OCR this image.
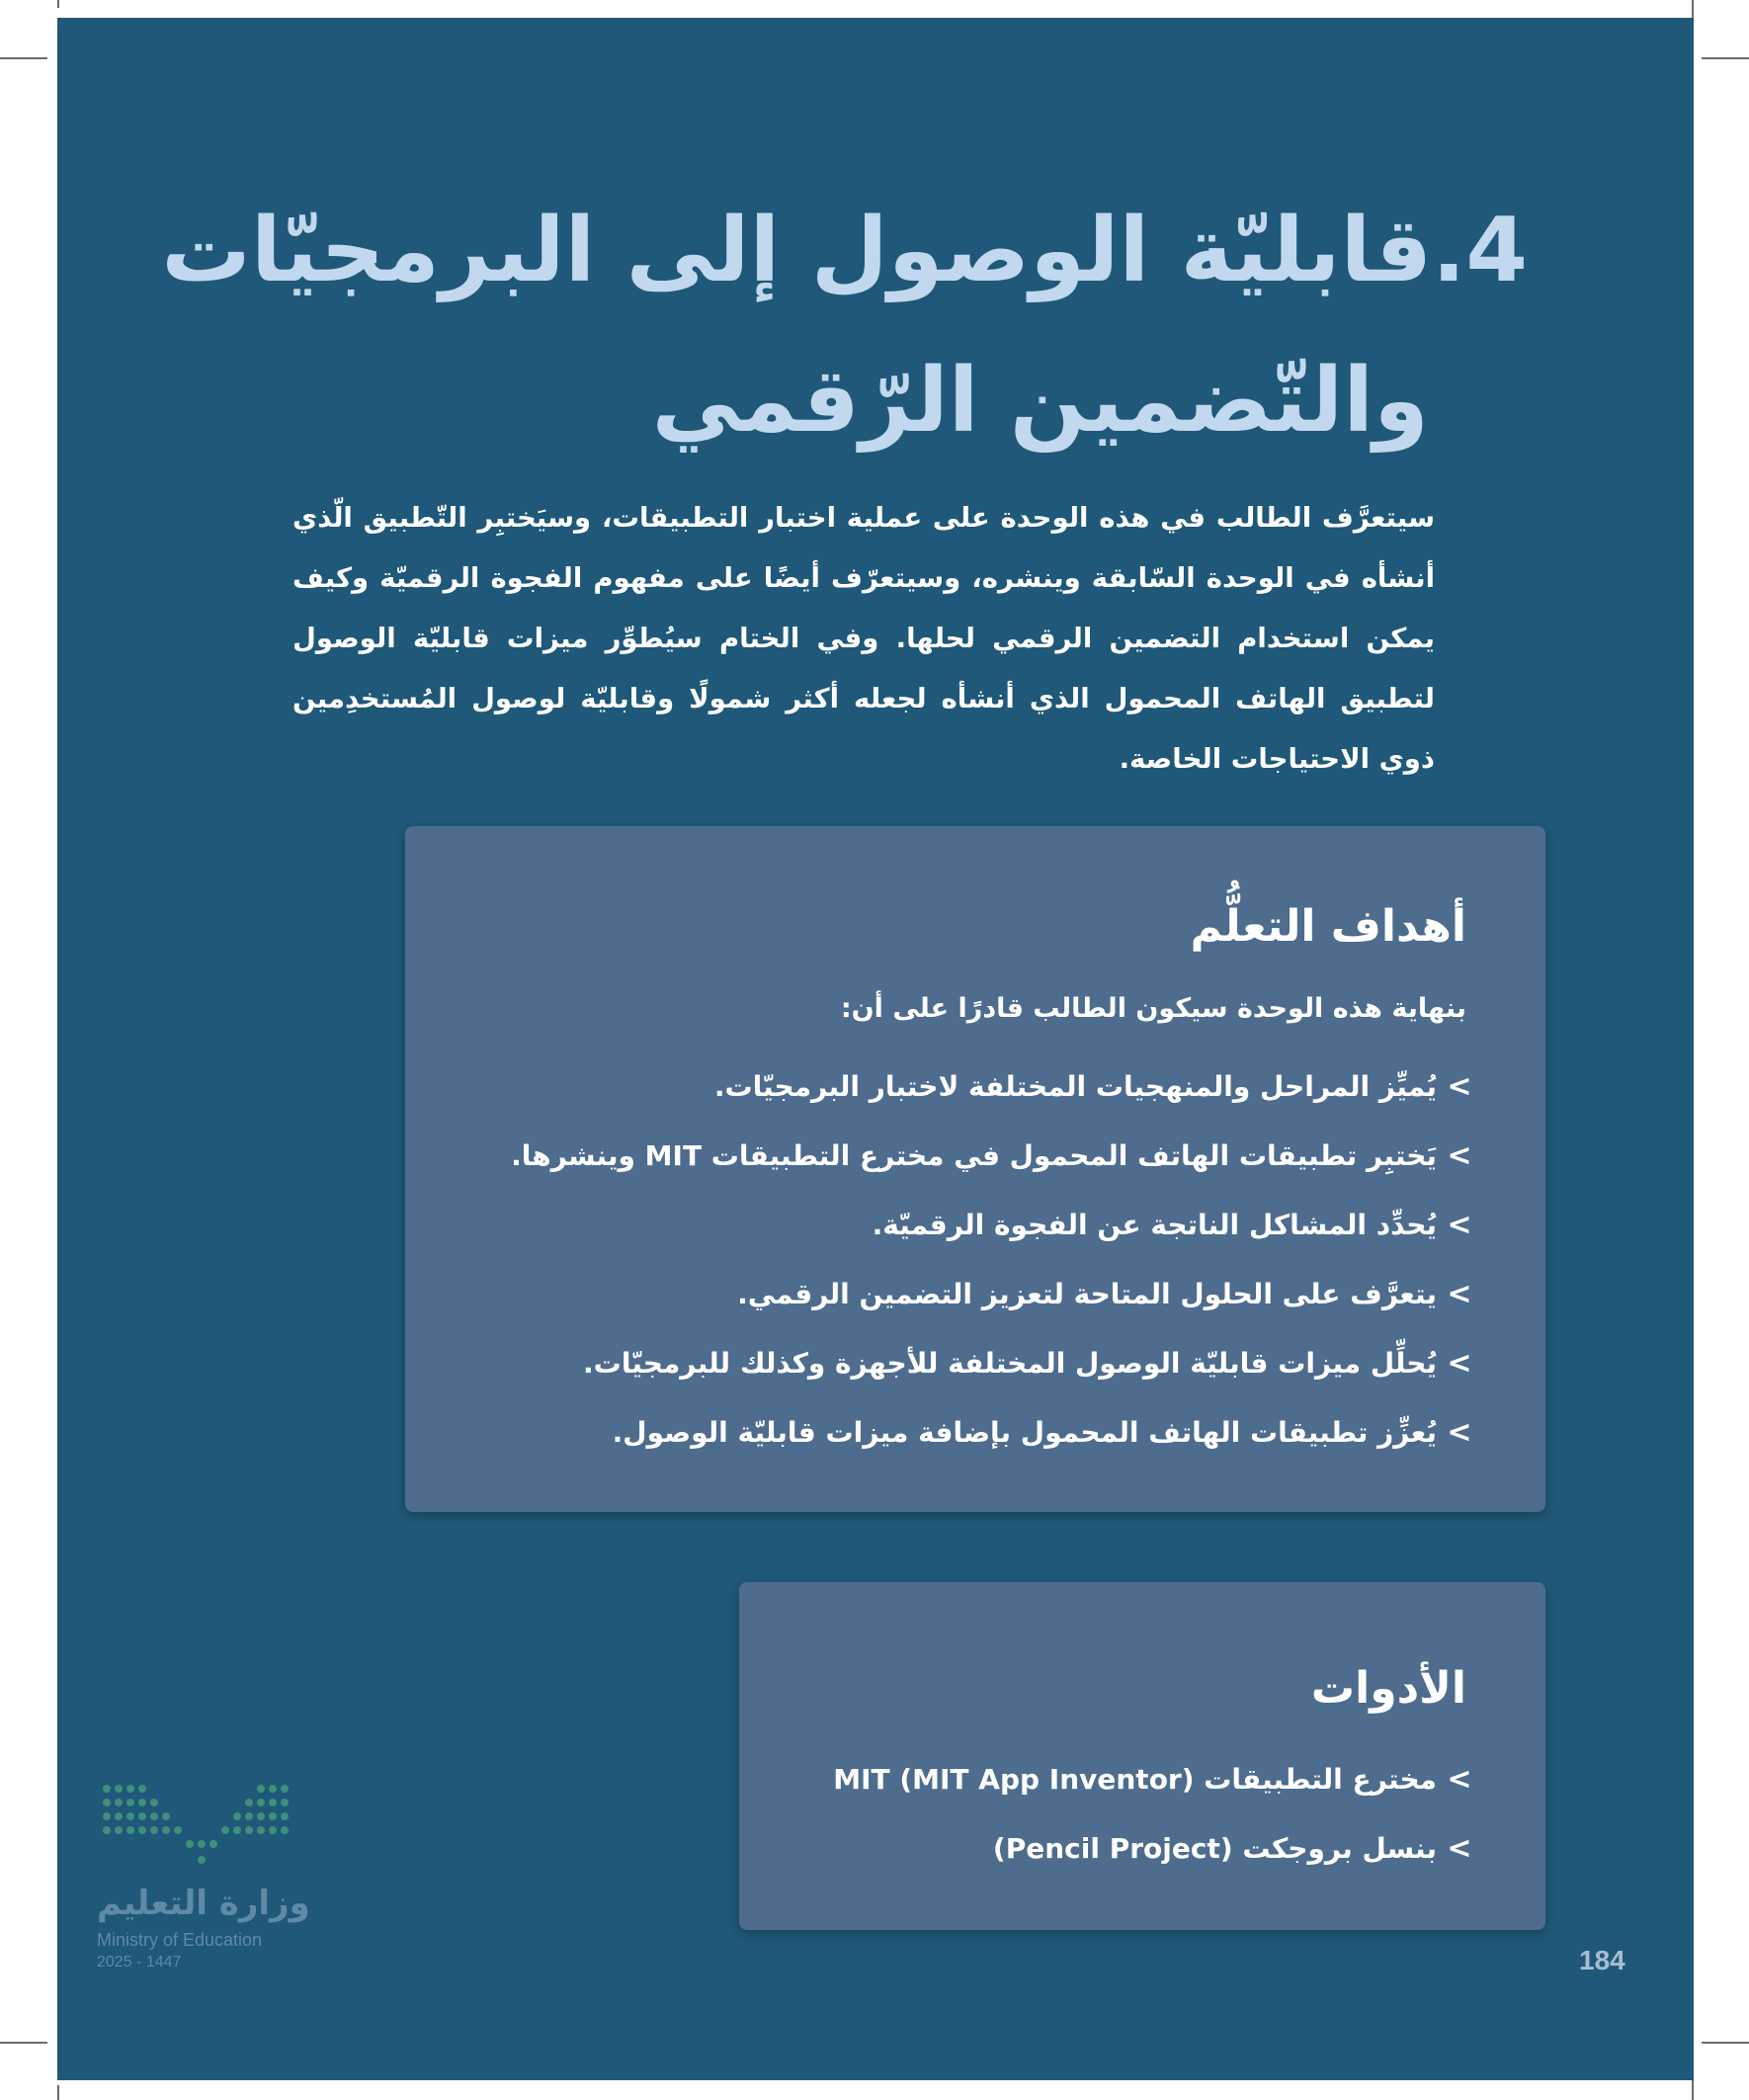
4.قابليّة الوصول إلى البرمجيّات
والتّضمين الرّقمي

سيتعرَّف الطالب في هذه الوحدة على عملية اختبار التطبيقات، وسيَختبِر التّطبيق الّذي أنشأه في الوحدة السّابقة وينشره، وسيتعرّف أيضًا على مفهوم الفجوة الرقميّة وكيف يمكن استخدام التضمين الرقمي لحلها. وفي الختام سيُطوِّر ميزات قابليّة الوصول لتطبيق الهاتف المحمول الذي أنشأه لجعله أكثر شمولًا وقابليّة لوصول المُستخدِمين ذوي الاحتياجات الخاصة.

أهداف التعلُّم

بنهاية هذه الوحدة سيكون الطالب قادرًا على أن:

>
يُميِّز المراحل والمنهجيات المختلفة لاختبار البرمجيّات.
>
يَختبِر تطبيقات الهاتف المحمول في مخترع التطبيقات MIT وينشرها.
>
يُحدِّد المشاكل الناتجة عن الفجوة الرقميّة.
>
يتعرَّف على الحلول المتاحة لتعزيز التضمين الرقمي.
>
يُحلِّل ميزات قابليّة الوصول المختلفة للأجهزة وكذلك للبرمجيّات.
>
يُعزِّز تطبيقات الهاتف المحمول بإضافة ميزات قابليّة الوصول.
الأدوات
>
مخترع التطبيقات MIT (MIT App Inventor)
>
بنسل بروجكت (Pencil Project)
وزارة التعليم
Ministry of Education
2025 - 1447	184
